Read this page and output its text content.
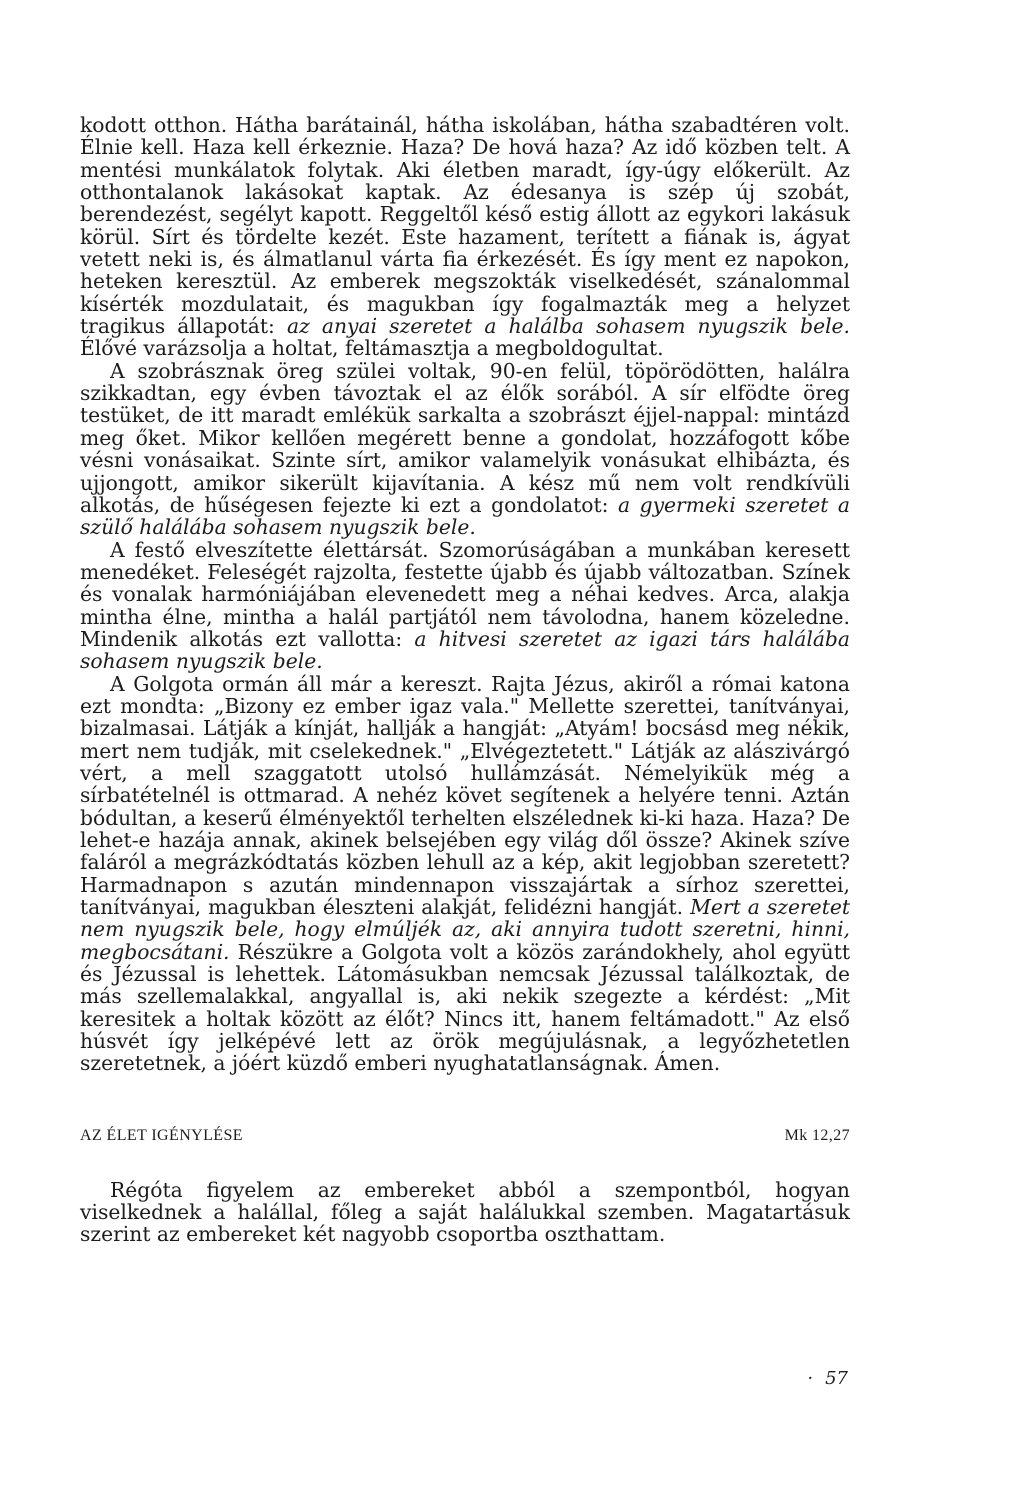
kodott otthon. Hátha barátainál, hátha iskolában, hátha szabadtéren volt. Élnie kell. Haza kell érkeznie. Haza? De hová haza? Az idő közben telt. A mentési munkálatok folytak. Aki életben maradt, így-úgy előkerült. Az otthontalanok lakásokat kaptak. Az édesanya is szép új szobát, berendezést, segélyt kapott. Reggeltől késő estig állott az egykori lakásuk körül. Sírt és tördelte kezét. Este hazament, terített a fiának is, ágyat vetett neki is, és álmatlanul várta fia érkezését. És így ment ez napokon, heteken keresztül. Az emberek megszokták viselkedését, szánalommal kísérték mozdulatait, és magukban így fogalmazták meg a helyzet tragikus állapotát: az anyai szeretet a halálba sohasem nyugszik bele. Élővé varázsolja a holtat, feltámasztja a megboldogultat.

A szobrásznak öreg szülei voltak, 90-en felül, töpörödötten, halálra szikkadtan, egy évben távoztak el az élők sorából. A sír elfödte öreg testüket, de itt maradt emlékük sarkalta a szobrászt éjjel-nappal: mintázd meg őket. Mikor kellően megérett benne a gondolat, hozzáfogott kőbe vésni vonásaikat. Szinte sírt, amikor valamelyik vonásukat elhibázta, és ujjongott, amikor sikerült kijavítania. A kész mű nem volt rendkívüli alkotás, de hűségesen fejezte ki ezt a gondolatot: a gyermeki szeretet a szülő halálába sohasem nyugszik bele.

A festő elveszítette élettársát. Szomorúságában a munkában keresett menedéket. Feleségét rajzolta, festette újabb és újabb változatban. Színek és vonalak harmóniájában elevenedett meg a néhai kedves. Arca, alakja mintha élne, mintha a halál partjától nem távolodna, hanem közeledne. Mindenik alkotás ezt vallotta: a hitvesi szeretet az igazi társ halálába sohasem nyugszik bele.

A Golgota ormán áll már a kereszt. Rajta Jézus, akiről a római katona ezt mondta: „Bizony ez ember igaz vala." Mellette szerettei, tanítványai, bizalmasai. Látják a kínját, hallják a hangját: „Atyám! bocsásd meg nékik, mert nem tudják, mit cselekednek." „Elvégeztetett." Látják az alászivárgó vért, a mell szaggatott utolsó hullámzását. Némelyikük még a sírbatételnél is ottmarad. A nehéz követ segítenek a helyére tenni. Aztán bódultan, a keserű élményektől terhelten elszélednek ki-ki haza. Haza? De lehet-e hazája annak, akinek belsejében egy világ dől össze? Akinek szíve faláról a megrázkódtatás közben lehull az a kép, akit legjobban szeretett? Harmadnapon s azután mindennapon visszajártak a sírhoz szerettei, tanítványai, magukban éleszteni alakját, felidézni hangját. Mert a szeretet nem nyugszik bele, hogy elmúljék az, aki annyira tudott szeretni, hinni, megbocsátani. Részükre a Golgota volt a közös zarándokhely, ahol együtt és Jézussal is lehettek. Látomásukban nemcsak Jézussal találkoztak, de más szellemalakkal, angyallal is, aki nekik szegezte a kérdést: „Mit keresitek a holtak között az élőt? Nincs itt, hanem feltámadott." Az első húsvét így jelképévé lett az örök megújulásnak, a legyőzhetetlen szeretetnek, a jóért küzdő emberi nyughatatlanságnak. Ámen.

AZ ÉLET IGÉNYLÉSE	Mk 12,27

Régóta figyelem az embereket abból a szempontból, hogyan viselkednek a halállal, főleg a saját halálukkal szemben. Magatartásuk szerint az embereket két nagyobb csoportba oszthattam.

· 57
